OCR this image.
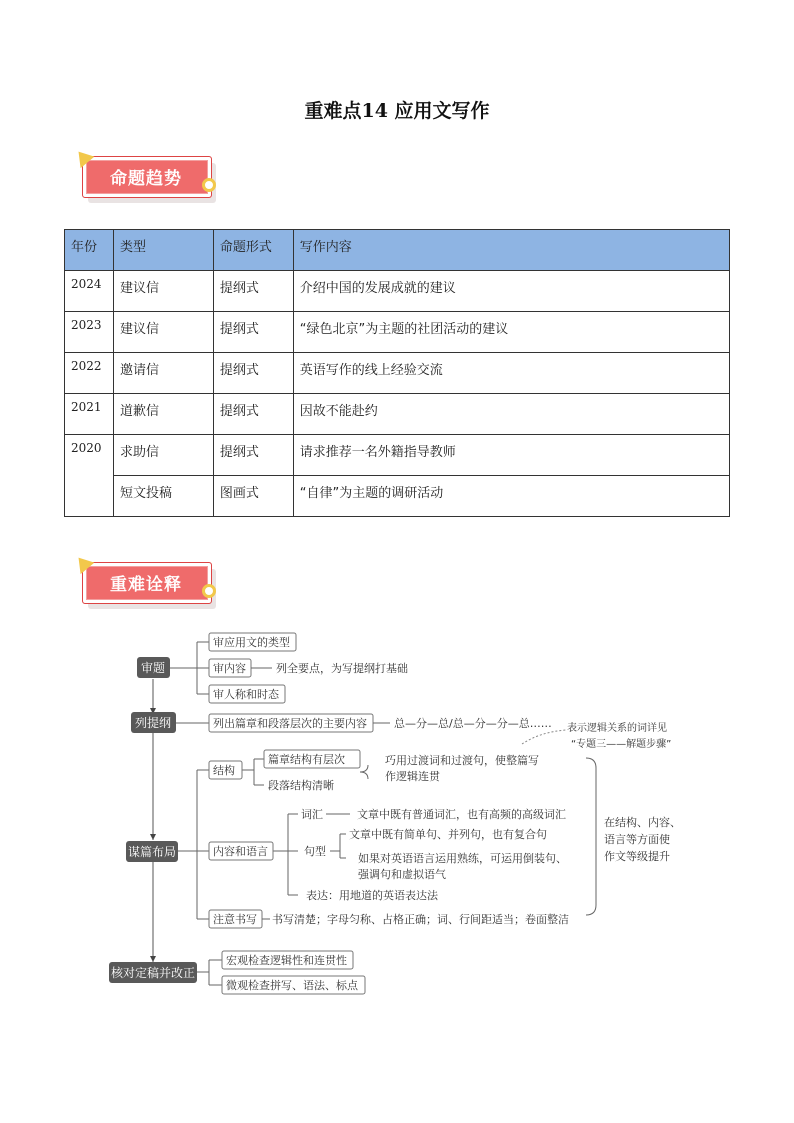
重难点14 应用文写作
命题趋势
年份	类型	命题形式	写作内容
2024	建议信	提纲式	介绍中国的发展成就的建议
2023	建议信	提纲式	“绿色北京”为主题的社团活动的建议
2022	邀请信	提纲式	英语写作的线上经验交流
2021	道歉信	提纲式	因故不能赴约
2020	求助信	提纲式	请求推荐一名外籍指导教师
	短文投稿	图画式	“自律”为主题的调研活动
重难诠释
审题
列提纲
谋篇布局
核对定稿并改正
审应用文的类型
审内容	列全要点，为写提纲打基础
审人称和时态
列出篇章和段落层次的主要内容 总—分—总/总—分—分—总…… 表示逻辑关系的词详见
“专题三——解题步骤”
结构
篇章结构有层次
段落结构清晰
巧用过渡词和过渡句，使整篇写
作逻辑连贯
内容和语言
词汇	文章中既有普通词汇，也有高频的高级词汇
句型
文章中既有简单句、并列句，也有复合句
如果对英语语言运用熟练，可运用倒装句、
强调句和虚拟语气
表达：用地道的英语表达法
注意书写 书写清楚；字母匀称、占格正确；词、行间距适当；卷面整洁
在结构、内容、
语言等方面使
作文等级提升
宏观检查逻辑性和连贯性
微观检查拼写、语法、标点
